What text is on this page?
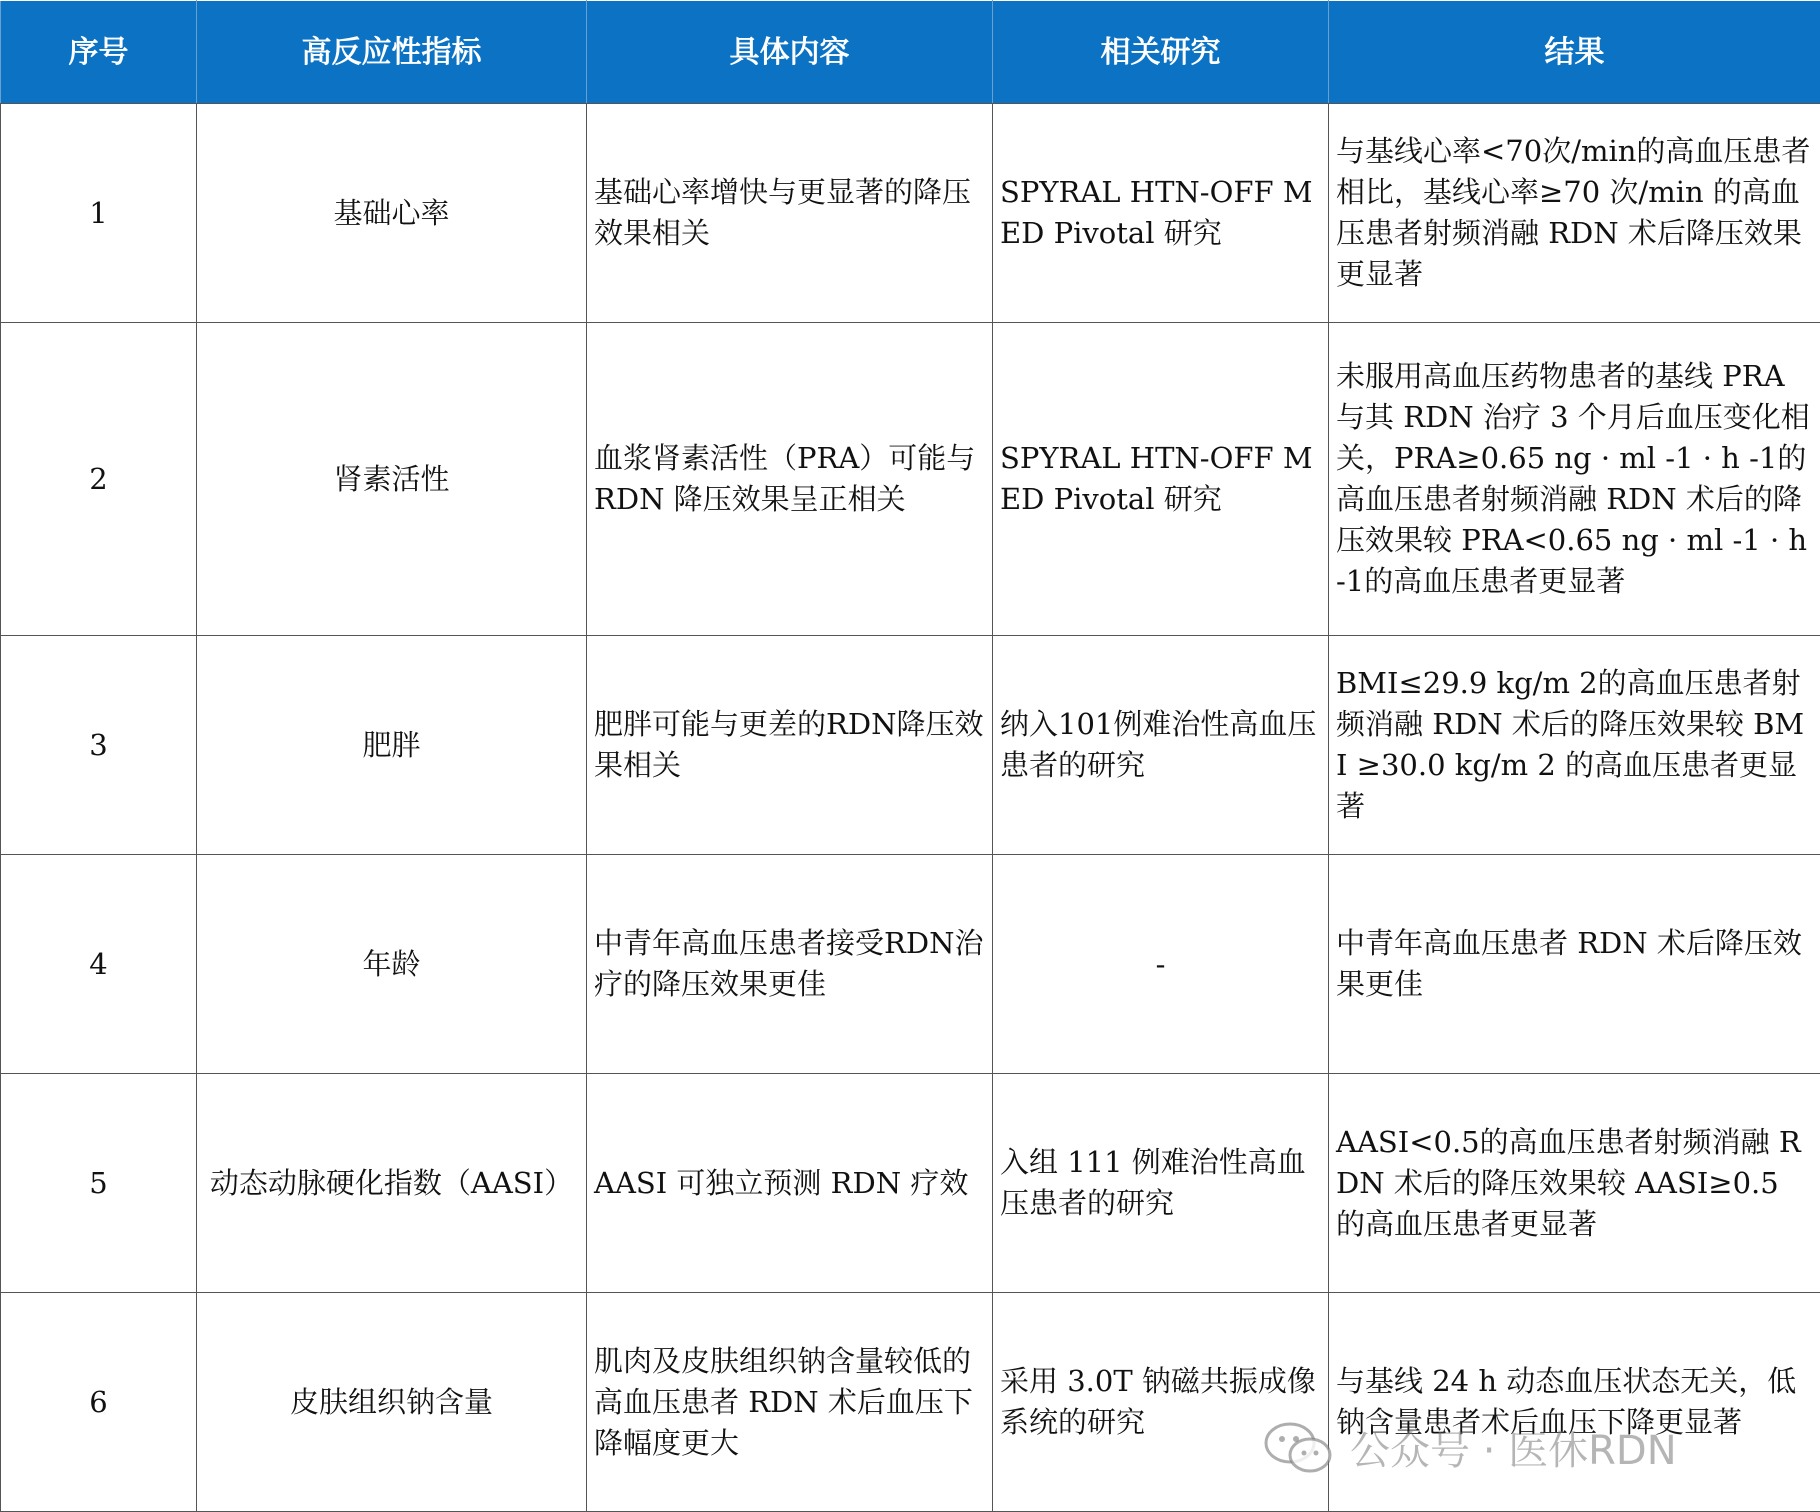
序号	高反应性指标	具体内容	相关研究	结果
1	基础心率	基础心率增快与更显著的降压效果相关	SPYRAL HTN-OFF MED Pivotal 研究	与基线心率<70次/min的高血压患者相比，基线心率≥70 次/min 的高血压患者射频消融 RDN 术后降压效果更显著
2	肾素活性	血浆肾素活性（PRA）可能与RDN 降压效果呈正相关	SPYRAL HTN-OFF MED Pivotal 研究	未服用高血压药物患者的基线 PRA 与其 RDN 治疗 3 个月后血压变化相关，PRA≥0.65 ng · ml -1 · h -1的高血压患者射频消融 RDN 术后的降压效果较 PRA<0.65 ng · ml -1 · h -1的高血压患者更显著
3	肥胖	肥胖可能与更差的RDN降压效果相关	纳入101例难治性高血压患者的研究	BMI≤29.9 kg/m 2的高血压患者射频消融 RDN 术后的降压效果较 BMI ≥30.0 kg/m 2 的高血压患者更显著
4	年龄	中青年高血压患者接受RDN治疗的降压效果更佳	-	中青年高血压患者 RDN 术后降压效果更佳
5	动态动脉硬化指数（AASI）	AASI 可独立预测 RDN 疗效	入组 111 例难治性高血压患者的研究	AASI<0.5的高血压患者射频消融 RDN 术后的降压效果较 AASI≥0.5 的高血压患者更显著
6	皮肤组织钠含量	肌肉及皮肤组织钠含量较低的高血压患者 RDN 术后血压下降幅度更大	采用 3.0T 钠磁共振成像系统的研究	与基线 24 h 动态血压状态无关，低钠含量患者术后血压下降更显著
公众号 · 医休RDN
